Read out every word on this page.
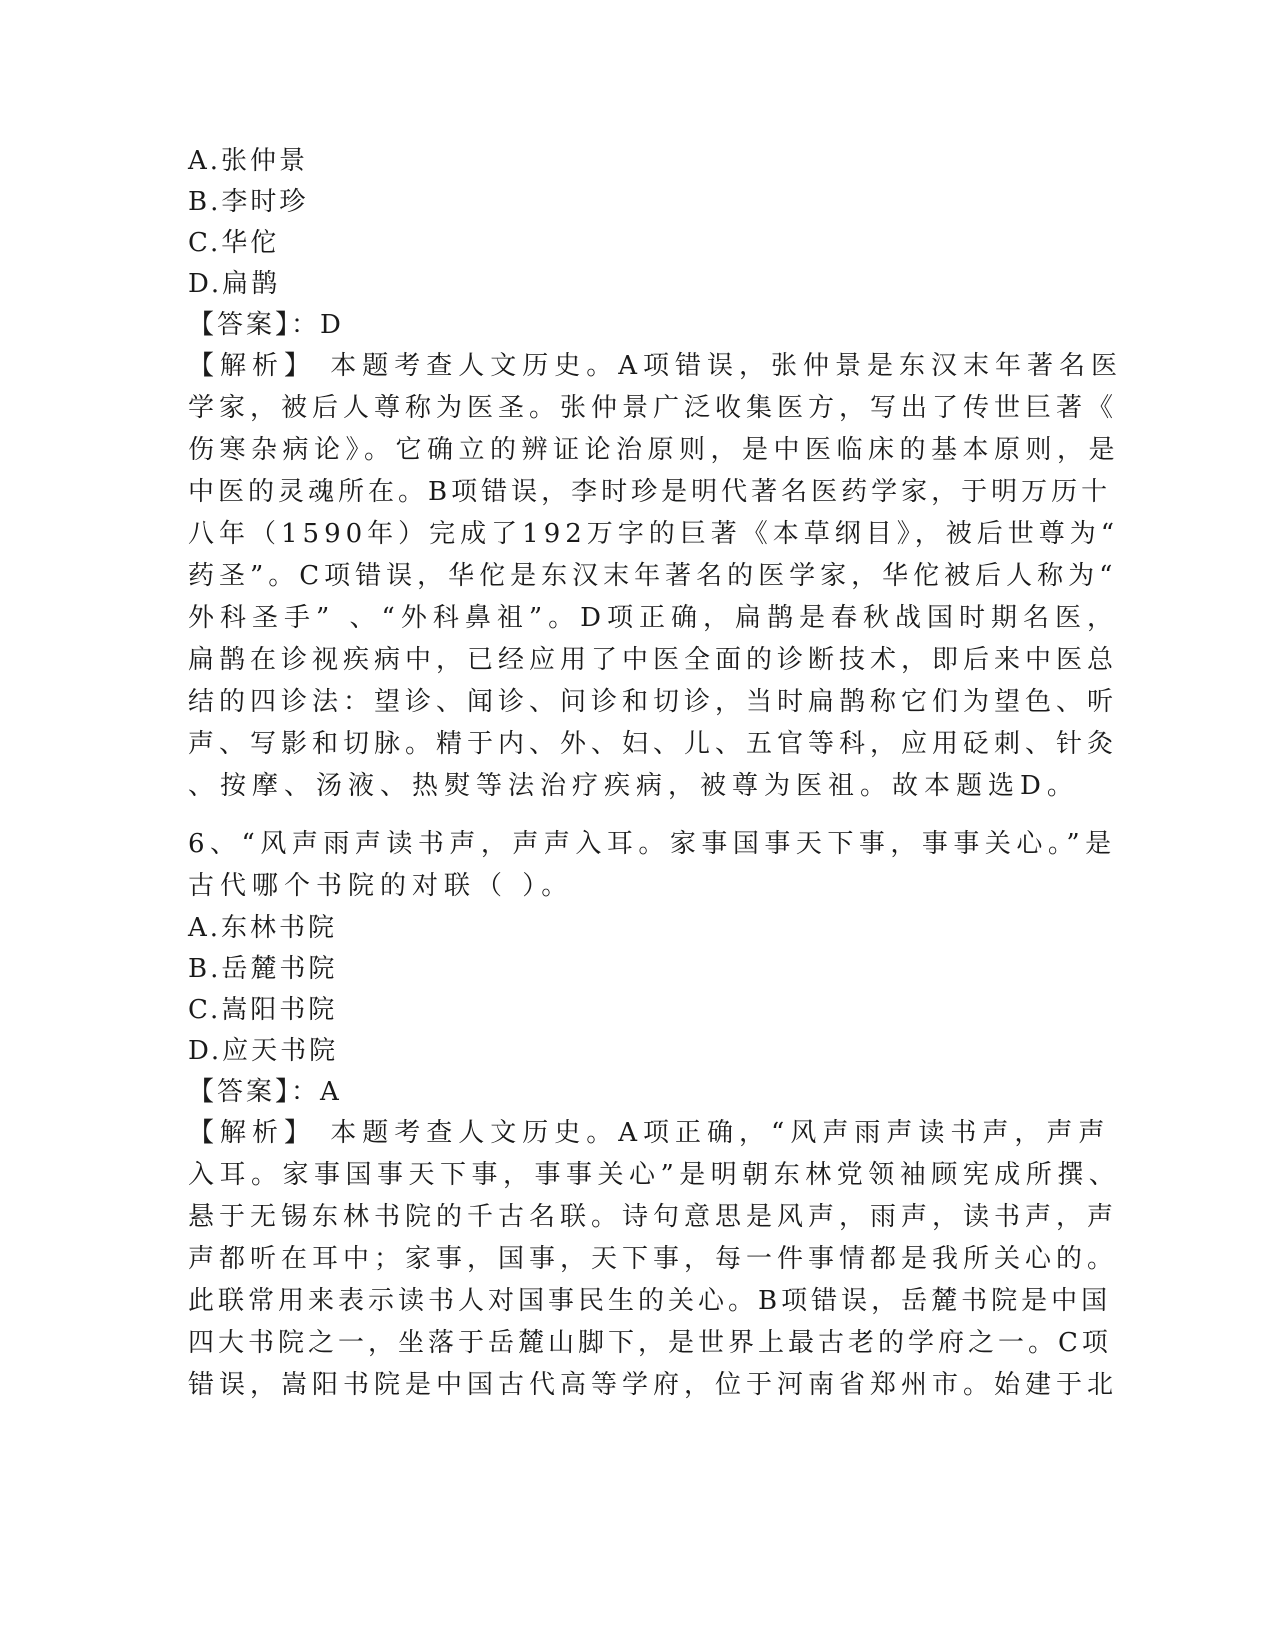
A.张仲景
B.李时珍
C.华佗
D.扁鹊
【答案】：D
【解析】 本题考查人文历史。A项错误，张仲景是东汉末年著名医
学家，被后人尊称为医圣。张仲景广泛收集医方，写出了传世巨著《
伤寒杂病论》。它确立的辨证论治原则，是中医临床的基本原则，是
中医的灵魂所在。B项错误，李时珍是明代著名医药学家，于明万历十
八年（1590年）完成了192万字的巨著《本草纲目》，被后世尊为“
药圣”。C项错误，华佗是东汉末年著名的医学家，华佗被后人称为“
外科圣手” 、“外科鼻祖”。D项正确，扁鹊是春秋战国时期名医，
扁鹊在诊视疾病中，已经应用了中医全面的诊断技术，即后来中医总
结的四诊法：望诊、闻诊、问诊和切诊，当时扁鹊称它们为望色、听
声、写影和切脉。精于内、外、妇、儿、五官等科，应用砭刺、针灸
、按摩、汤液、热熨等法治疗疾病，被尊为医祖。故本题选D。
6、“风声雨声读书声，声声入耳。家事国事天下事，事事关心。”是
古代哪个书院的对联（ ）。
A.东林书院
B.岳麓书院
C.嵩阳书院
D.应天书院
【答案】：A
【解析】 本题考查人文历史。A项正确，“风声雨声读书声，声声
入耳。家事国事天下事，事事关心”是明朝东林党领袖顾宪成所撰、
悬于无锡东林书院的千古名联。诗句意思是风声，雨声，读书声，声
声都听在耳中；家事，国事，天下事，每一件事情都是我所关心的。
此联常用来表示读书人对国事民生的关心。B项错误，岳麓书院是中国
四大书院之一，坐落于岳麓山脚下，是世界上最古老的学府之一。C项
错误，嵩阳书院是中国古代高等学府，位于河南省郑州市。始建于北
